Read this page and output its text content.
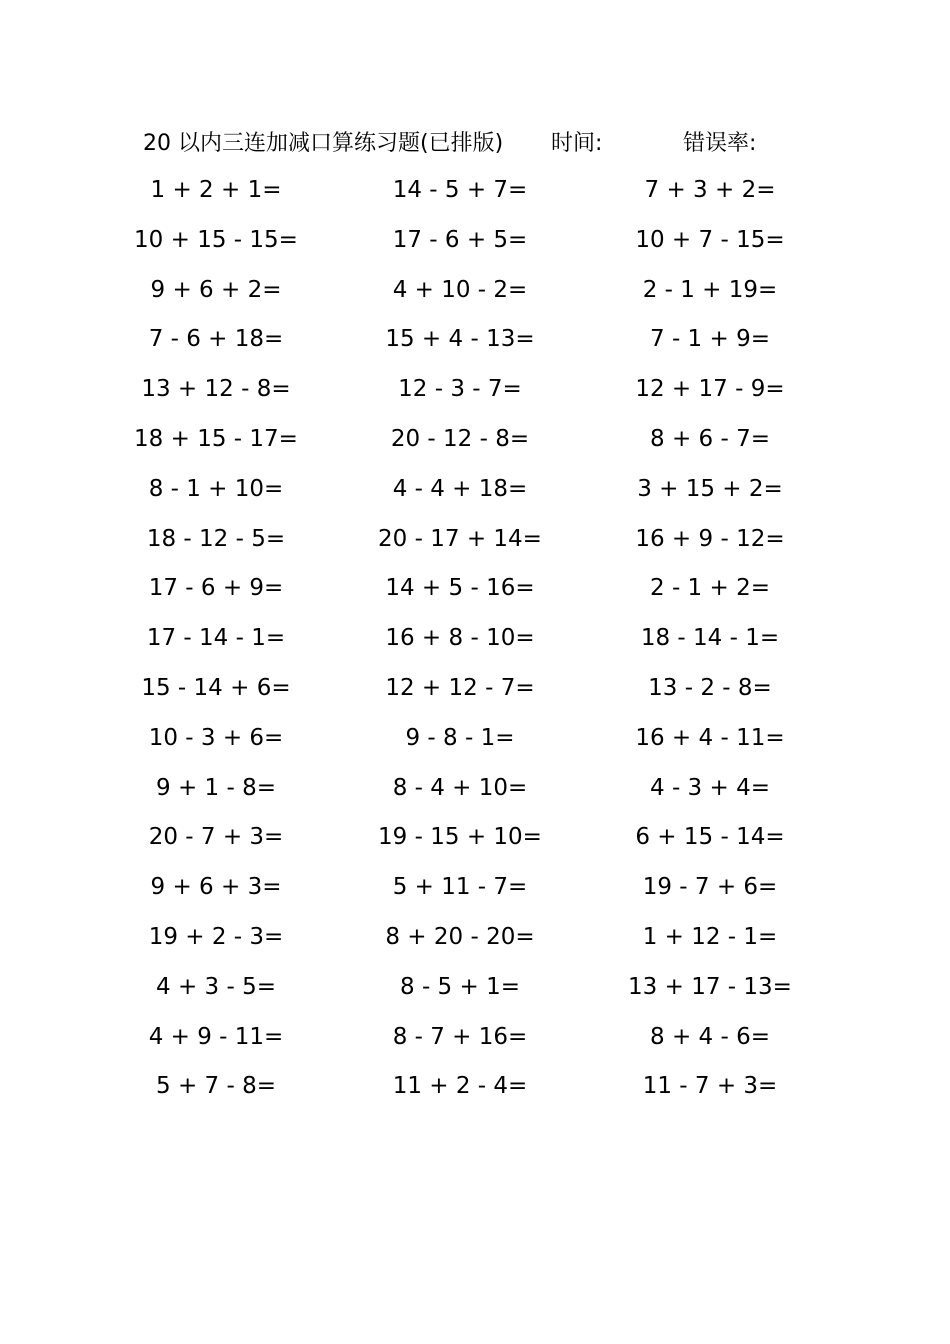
20 以内三连加减口算练习题(已排版) 时间:	错误率:
1 + 2 + 1=	14 - 5 + 7=	7 + 3 + 2=
10 + 15 - 15=	17 - 6 + 5=	10 + 7 - 15=
9 + 6 + 2=	4 + 10 - 2=	2 - 1 + 19=
7 - 6 + 18=	15 + 4 - 13=	7 - 1 + 9=
13 + 12 - 8=	12 - 3 - 7=	12 + 17 - 9=
18 + 15 - 17=	20 - 12 - 8=	8 + 6 - 7=
8 - 1 + 10=	4 - 4 + 18=	3 + 15 + 2=
18 - 12 - 5=	20 - 17 + 14=	16 + 9 - 12=
17 - 6 + 9=	14 + 5 - 16=	2 - 1 + 2=
17 - 14 - 1=	16 + 8 - 10=	18 - 14 - 1=
15 - 14 + 6=	12 + 12 - 7=	13 - 2 - 8=
10 - 3 + 6=	9 - 8 - 1=	16 + 4 - 11=
9 + 1 - 8=	8 - 4 + 10=	4 - 3 + 4=
20 - 7 + 3=	19 - 15 + 10=	6 + 15 - 14=
9 + 6 + 3=	5 + 11 - 7=	19 - 7 + 6=
19 + 2 - 3=	8 + 20 - 20=	1 + 12 - 1=
4 + 3 - 5=	8 - 5 + 1=	13 + 17 - 13=
4 + 9 - 11=	8 - 7 + 16=	8 + 4 - 6=
5 + 7 - 8=	11 + 2 - 4=	11 - 7 + 3=
